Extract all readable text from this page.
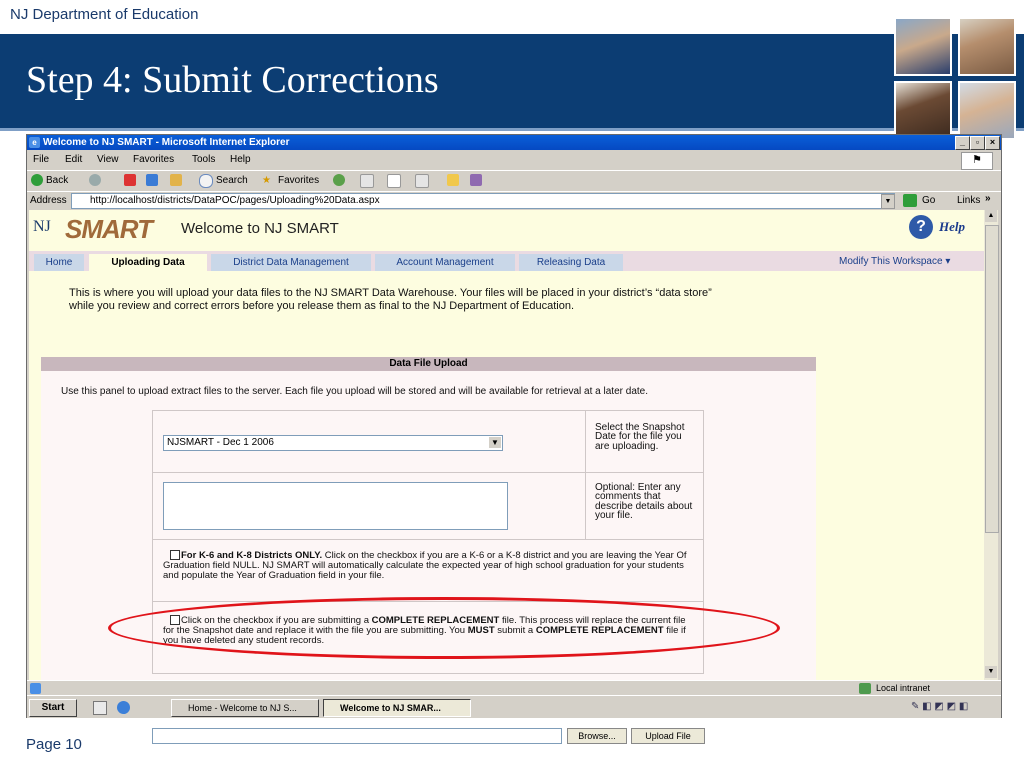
NJ Department of Education
Step 4: Submit Corrections
e Welcome to NJ SMART - Microsoft Internet Explorer	_	▫	×
File Edit View Favorites Tools Help	⚑
Back	Search ★ Favorites
Address	http://localhost/districts/DataPOC/pages/Uploading%20Data.aspx	▼	Go Links »
NJ SMART Welcome to NJ SMART	?	Help
Home	Uploading Data	District Data Management	Account Management	Releasing Data	Modify This Workspace ▾
This is where you will upload your data files to the NJ SMART Data Warehouse. Your files will be placed in your district’s “data store” while you review and correct errors before you release them as final to the NJ Department of Education.
Data File Upload
Use this panel to upload extract files to the server. Each file you upload will be stored and will be available for retrieval at a later date.
NJSMART - Dec 1 2006	▼
Select the Snapshot Date for the file you are uploading.
Optional: Enter any comments that describe details about your file.
For K-6 and K-8 Districts ONLY. Click on the checkbox if you are a K-6 or a K-8 district and you are leaving the Year Of Graduation field NULL. NJ SMART will automatically calculate the expected year of high school graduation for your students and populate the Year of Graduation field in your file.
Click on the checkbox if you are submitting a COMPLETE REPLACEMENT file. This process will replace the current file for the Snapshot date and replace it with the file you are submitting. You MUST submit a COMPLETE REPLACEMENT file if you have deleted any student records.
Browse...	Upload File
▲
▼
Local intranet
Start	Home - Welcome to NJ S...	Welcome to NJ SMAR...	✎ ◧ ◩ ◩ ◧
Page 10
